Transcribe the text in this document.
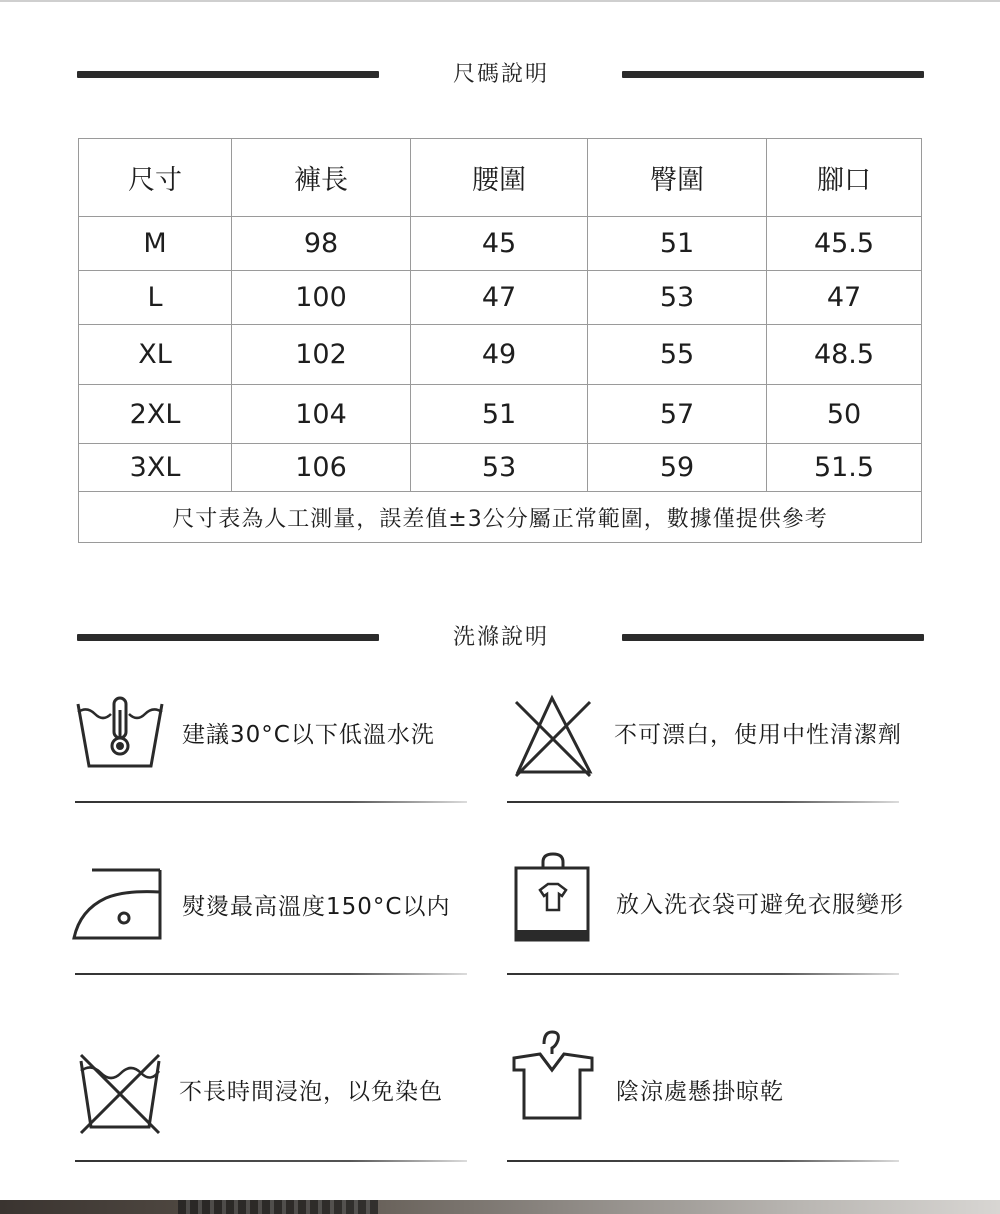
尺碼說明
尺寸	褲長	腰圍	臀圍	腳口
M	98	45	51	45.5
L	100	47	53	47
XL	102	49	55	48.5
2XL	104	51	57	50
3XL	106	53	59	51.5
尺寸表為人工測量，誤差值±3公分屬正常範圍，數據僅提供參考				
洗滌說明
建議30°C以下低溫水洗	不可漂白，使用中性清潔劑
熨燙最高溫度150°C以内	放入洗衣袋可避免衣服變形
不長時間浸泡，以免染色	陰涼處懸掛晾乾
